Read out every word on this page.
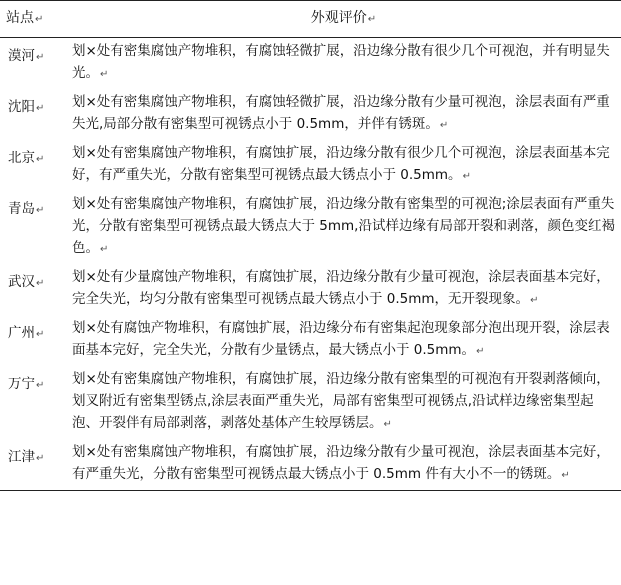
站点↵	外观评价↵
漠河↵	划×处有密集腐蚀产物堆积，有腐蚀轻微扩展，沿边缘分散有很少几个可视泡，并有明显失光。↵
沈阳↵	划×处有密集腐蚀产物堆积，有腐蚀轻微扩展，沿边缘分散有少量可视泡，涂层表面有严重失光,局部分散有密集型可视锈点小于 0.5mm，并伴有锈斑。↵
北京↵	划×处有密集腐蚀产物堆积，有腐蚀扩展，沿边缘分散有很少几个可视泡，涂层表面基本完好，有严重失光，分散有密集型可视锈点最大锈点小于 0.5mm。↵
青岛↵	划×处有密集腐蚀产物堆积，有腐蚀扩展，沿边缘分散有密集型的可视泡;涂层表面有严重失光，分散有密集型可视锈点最大锈点大于 5mm,沿试样边缘有局部开裂和剥落，颜色变红褐色。↵
武汉↵	划×处有少量腐蚀产物堆积，有腐蚀扩展，沿边缘分散有少量可视泡，涂层表面基本完好，完全失光，均匀分散有密集型可视锈点最大锈点小于 0.5mm，无开裂现象。↵
广州↵	划×处有腐蚀产物堆积，有腐蚀扩展，沿边缘分布有密集起泡现象部分泡出现开裂，涂层表面基本完好，完全失光，分散有少量锈点，最大锈点小于 0.5mm。↵
万宁↵	划×处有密集腐蚀产物堆积，有腐蚀扩展，沿边缘分散有密集型的可视泡有开裂剥落倾向，划叉附近有密集型锈点,涂层表面严重失光，局部有密集型可视锈点,沿试样边缘密集型起泡、开裂伴有局部剥落，剥落处基体产生较厚锈层。↵
江津↵	划×处有密集腐蚀产物堆积，有腐蚀扩展，沿边缘分散有少量可视泡，涂层表面基本完好，有严重失光，分散有密集型可视锈点最大锈点小于 0.5mm 件有大小不一的锈斑。↵
